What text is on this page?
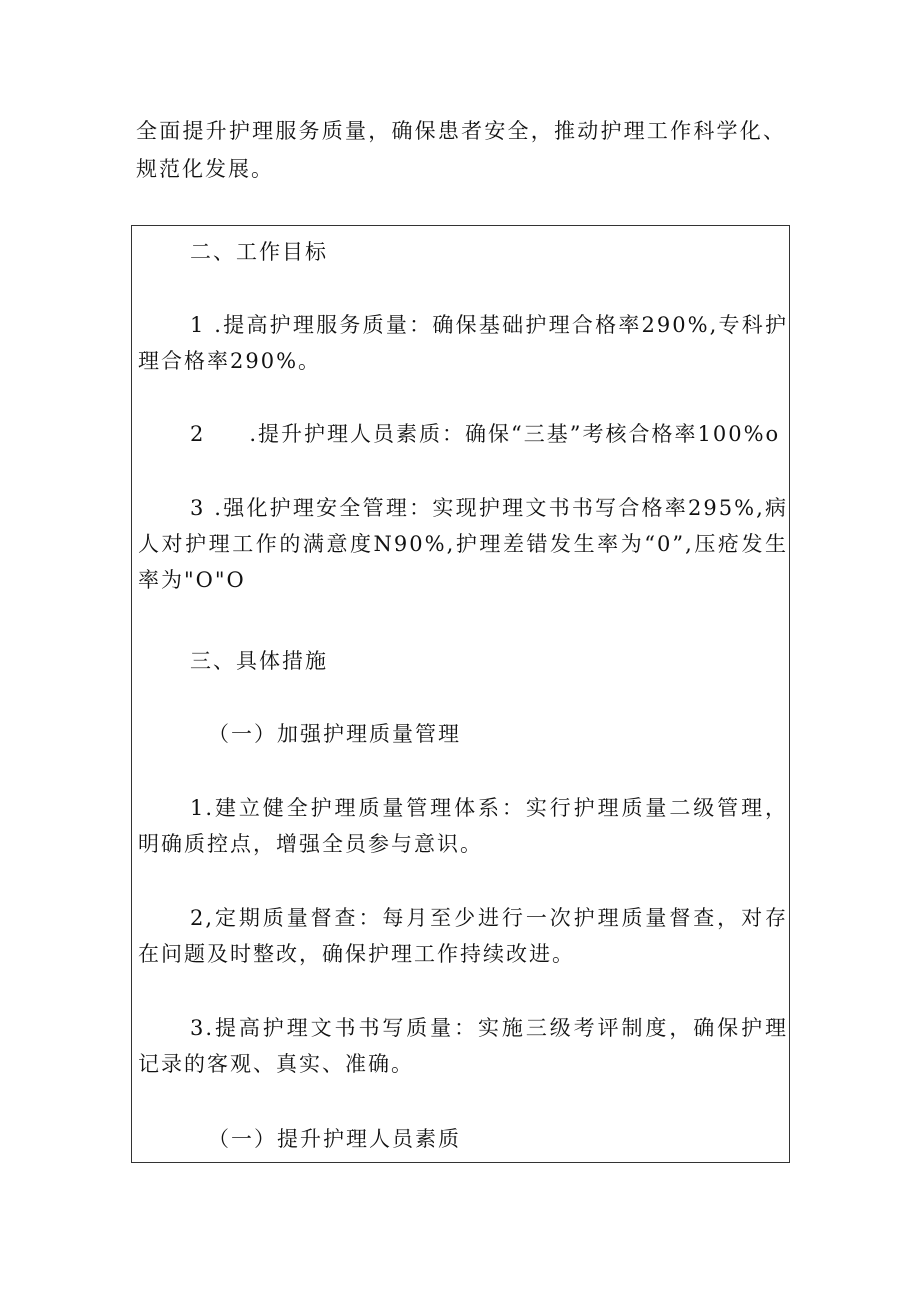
全面提升护理服务质量，确保患者安全，推动护理工作科学化、规范化发展。

二、工作目标

1 .提高护理服务质量：确保基础护理合格率290%,专科护理合格率290%。

2 .提升护理人员素质：确保“三基”考核合格率100%o

3 .强化护理安全管理：实现护理文书书写合格率295%,病人对护理工作的满意度N90%,护理差错发生率为“0”,压疮发生率为"O"O

三、具体措施

（一）加强护理质量管理

1.建立健全护理质量管理体系：实行护理质量二级管理，明确质控点，增强全员参与意识。

2,定期质量督查：每月至少进行一次护理质量督查，对存在问题及时整改，确保护理工作持续改进。

3.提高护理文书书写质量：实施三级考评制度，确保护理记录的客观、真实、准确。

（一）提升护理人员素质
